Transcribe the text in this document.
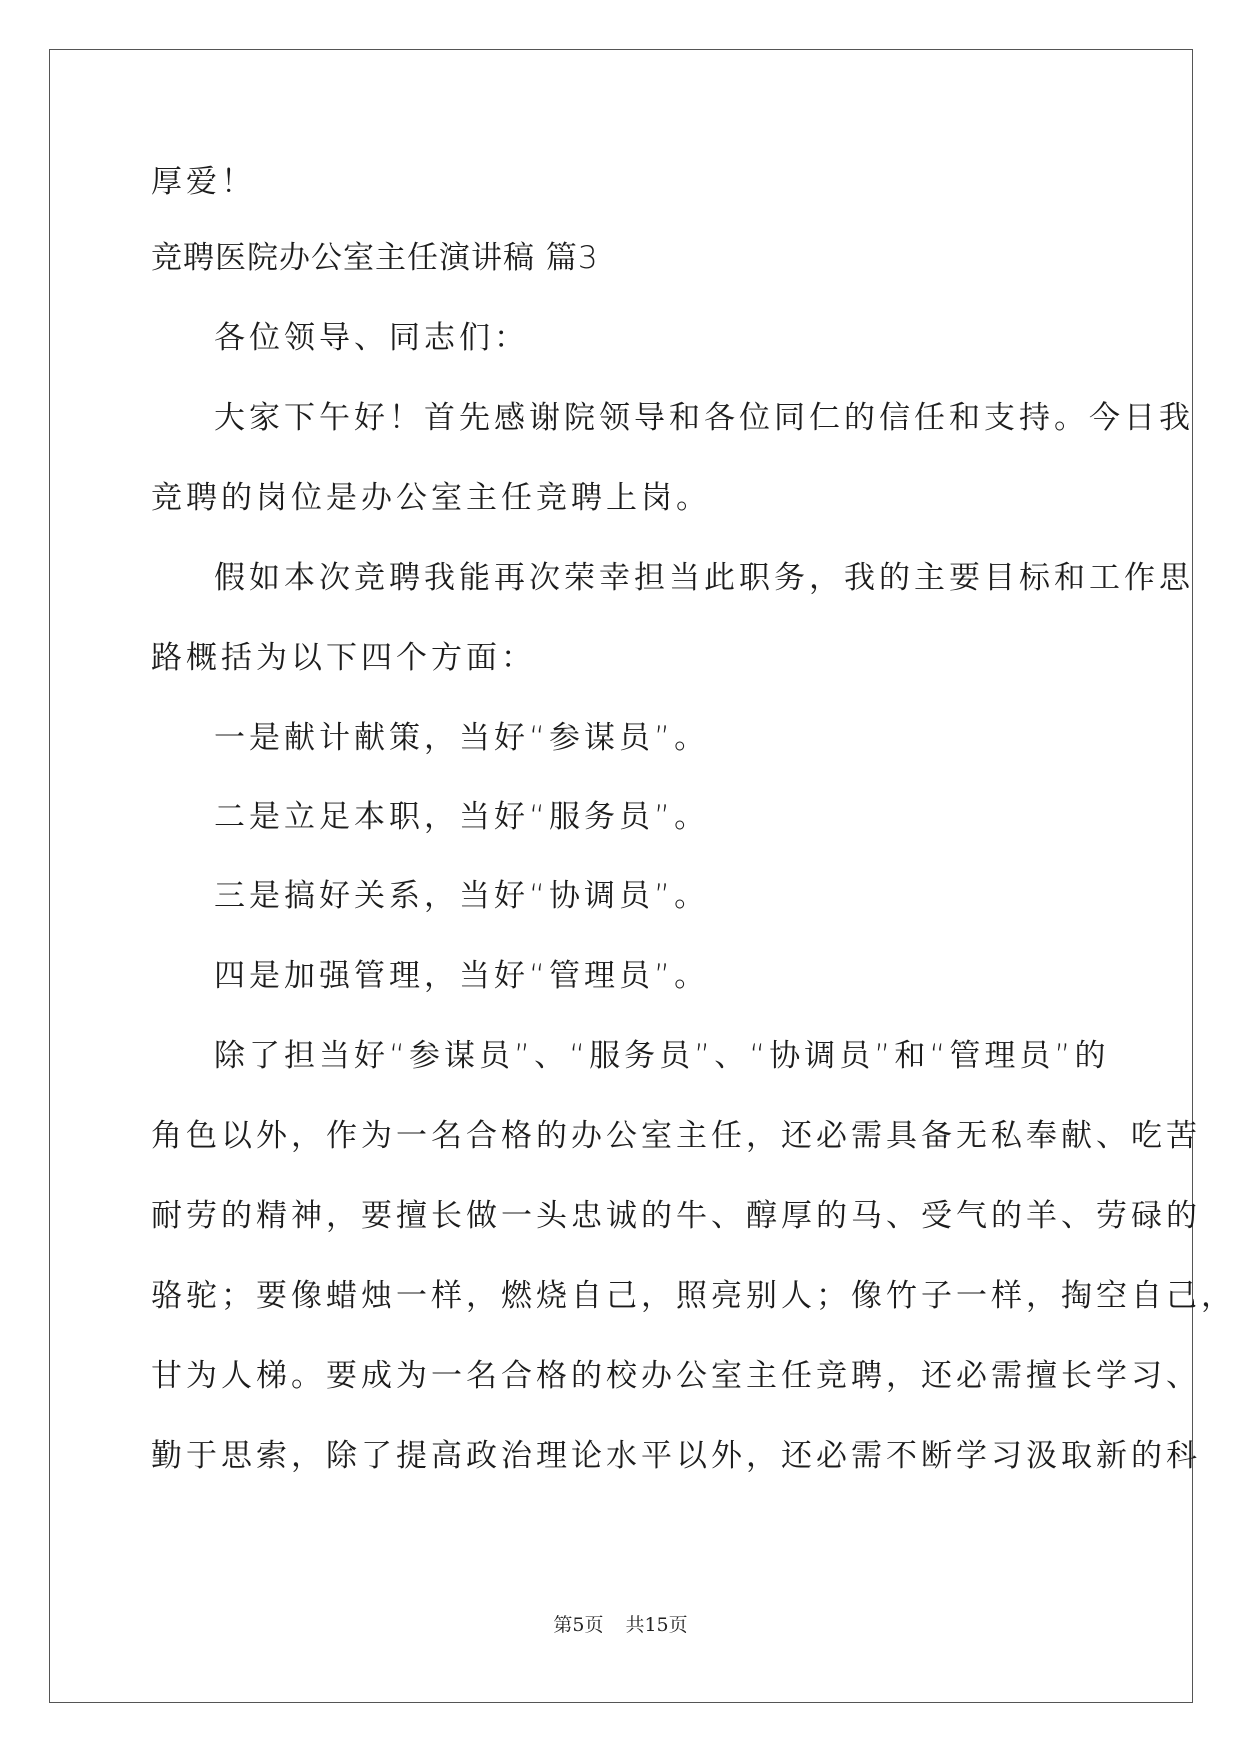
厚爱！
竞聘医院办公室主任演讲稿 篇3
各位领导、同志们：
大家下午好！首先感谢院领导和各位同仁的信任和支持。今日我
竞聘的岗位是办公室主任竞聘上岗。
假如本次竞聘我能再次荣幸担当此职务，我的主要目标和工作思
路概括为以下四个方面：
一是献计献策，当好“参谋员”。
二是立足本职，当好“服务员”。
三是搞好关系，当好“协调员”。
四是加强管理，当好“管理员”。
除了担当好“参谋员”、“服务员”、“协调员”和“管理员”的
角色以外，作为一名合格的办公室主任，还必需具备无私奉献、吃苦
耐劳的精神，要擅长做一头忠诚的牛、醇厚的马、受气的羊、劳碌的
骆驼；要像蜡烛一样，燃烧自己，照亮别人；像竹子一样，掏空自己，
甘为人梯。要成为一名合格的校办公室主任竞聘，还必需擅长学习、
勤于思索，除了提高政治理论水平以外，还必需不断学习汲取新的科
第5页 共15页
